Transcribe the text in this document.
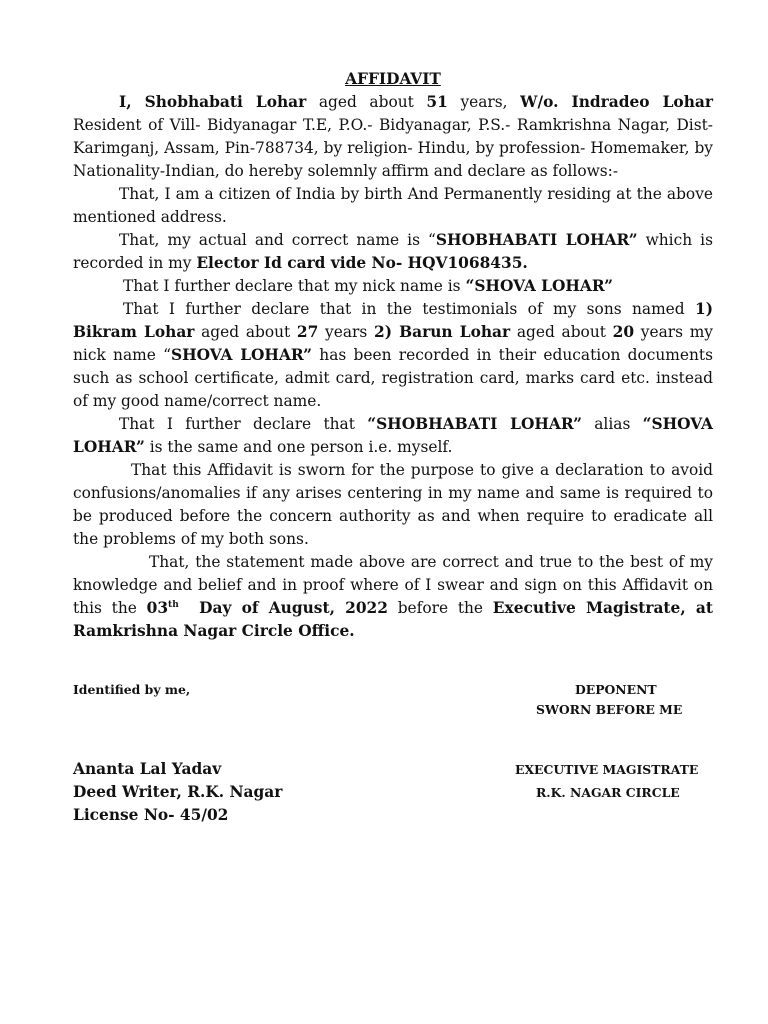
AFFIDAVIT

I, Shobhabati Lohar aged about 51 years, W/o. Indradeo Lohar Resident of Vill- Bidyanagar T.E, P.O.- Bidyanagar, P.S.- Ramkrishna Nagar, Dist- Karimganj, Assam, Pin-788734, by religion- Hindu, by profession- Homemaker, by Nationality-Indian, do hereby solemnly affirm and declare as follows:-

That, I am a citizen of India by birth And Permanently residing at the above mentioned address.

That, my actual and correct name is “SHOBHABATI LOHAR” which is recorded in my Elector Id card vide No- HQV1068435.

That I further declare that my nick name is “SHOVA LOHAR”

That I further declare that in the testimonials of my sons named 1) Bikram Lohar aged about 27 years 2) Barun Lohar aged about 20 years my nick name “SHOVA LOHAR” has been recorded in their education documents such as school certificate, admit card, registration card, marks card etc. instead of my good name/correct name.

That I further declare that “SHOBHABATI LOHAR” alias “SHOVA LOHAR” is the same and one person i.e. myself.

That this Affidavit is sworn for the purpose to give a declaration to avoid confusions/anomalies if any arises centering in my name and same is required to be produced before the concern authority as and when require to eradicate all the problems of my both sons.

That, the statement made above are correct and true to the best of my knowledge and belief and in proof where of I swear and sign on this Affidavit on this the 03th  Day of August, 2022 before the Executive Magistrate, at Ramkrishna Nagar Circle Office.

Identified by me,	DEPONENT
SWORN BEFORE ME
Ananta Lal Yadav
Deed Writer, R.K. Nagar
License No- 45/02
EXECUTIVE MAGISTRATE
R.K. NAGAR CIRCLE
